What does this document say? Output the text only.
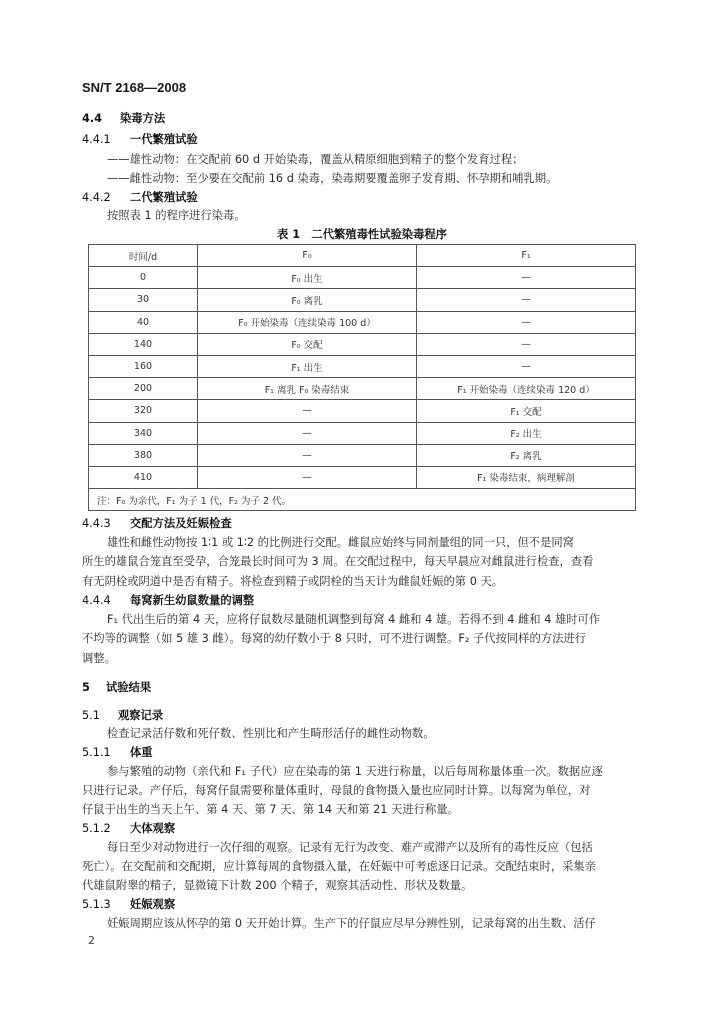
SN/T 2168—2008
4.4 染毒方法
4.4.1 一代繁殖试验
——雄性动物：在交配前 60 d 开始染毒，覆盖从精原细胞到精子的整个发育过程；
——雌性动物：至少要在交配前 16 d 染毒，染毒期要覆盖卵子发育期、怀孕期和哺乳期。
4.4.2 二代繁殖试验
按照表 1 的程序进行染毒。
表 1　二代繁殖毒性试验染毒程序
时间/d	F₀	F₁
0	F₀ 出生	—
30	F₀ 离乳	—
40	F₀ 开始染毒（连续染毒 100 d）	—
140	F₀ 交配	—
160	F₁ 出生	—
200	F₁ 离乳 F₀ 染毒结束	F₁ 开始染毒（连续染毒 120 d）
320	—	F₁ 交配
340	—	F₂ 出生
380	—	F₂ 离乳
410	—	F₁ 染毒结束，病理解剖
注：F₀ 为亲代，F₁ 为子 1 代，F₂ 为子 2 代。		
4.4.3 交配方法及妊娠检查
雄性和雌性动物按 1∶1 或 1∶2 的比例进行交配。雌鼠应始终与同剂量组的同一只，但不是同窝
所生的雄鼠合笼直至受孕，合笼最长时间可为 3 周。在交配过程中，每天早晨应对雌鼠进行检查，查看
有无阴栓或阴道中是否有精子。将检查到精子或阴栓的当天计为雌鼠妊娠的第 0 天。
4.4.4 每窝新生幼鼠数量的调整
F₁ 代出生后的第 4 天，应将仔鼠数尽量随机调整到每窝 4 雌和 4 雄。若得不到 4 雌和 4 雄时可作
不均等的调整（如 5 雄 3 雌）。每窝的幼仔数小于 8 只时，可不进行调整。F₂ 子代按同样的方法进行
调整。
5 试验结果
5.1 观察记录
检查记录活仔数和死仔数、性别比和产生畸形活仔的雌性动物数。
5.1.1 体重
参与繁殖的动物（亲代和 F₁ 子代）应在染毒的第 1 天进行称量，以后每周称量体重一次。数据应逐
只进行记录。产仔后，每窝仔鼠需要称量体重时，母鼠的食物摄入量也应同时计算。以每窝为单位，对
仔鼠于出生的当天上午、第 4 天、第 7 天、第 14 天和第 21 天进行称量。
5.1.2 大体观察
每日至少对动物进行一次仔细的观察。记录有无行为改变、难产或滞产以及所有的毒性反应（包括
死亡）。在交配前和交配期，应计算每周的食物摄入量，在妊娠中可考虑逐日记录。交配结束时，采集亲
代雄鼠附睾的精子，显微镜下计数 200 个精子，观察其活动性、形状及数量。
5.1.3 妊娠观察
妊娠周期应该从怀孕的第 0 天开始计算。生产下的仔鼠应尽早分辨性别，记录每窝的出生数、活仔
2
